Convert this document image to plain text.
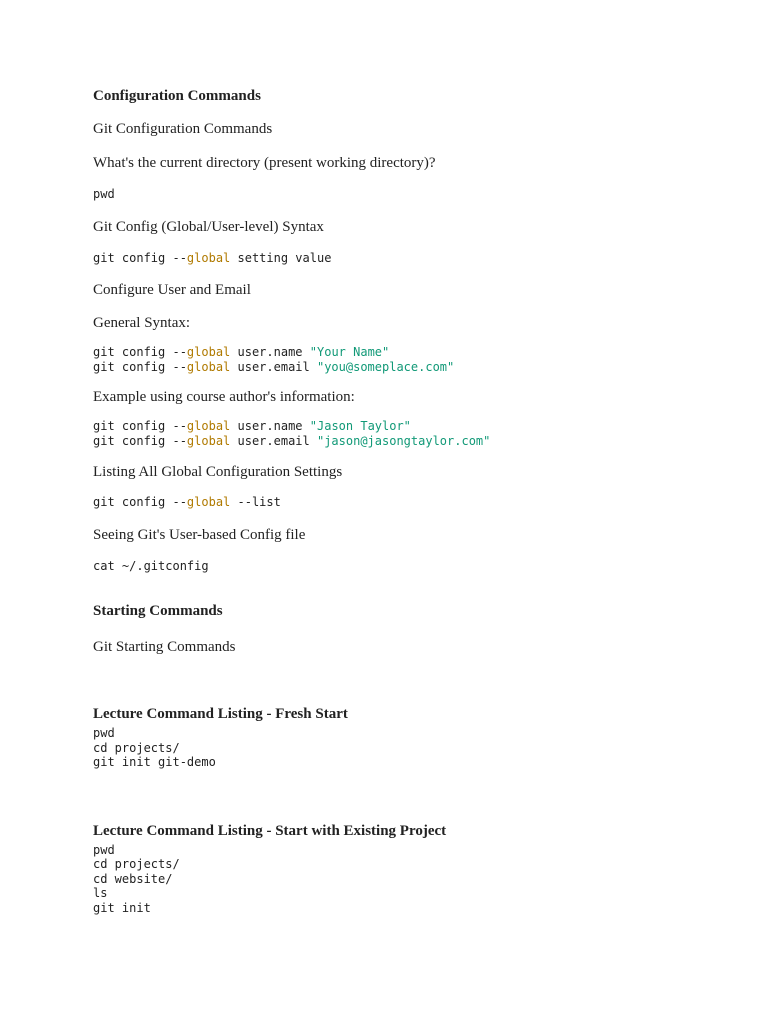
Configuration Commands

Git Configuration Commands

What's the current directory (present working directory)?

pwd

Git Config (Global/User-level) Syntax

git config --global setting value

Configure User and Email

General Syntax:

git config --global user.name "Your Name"

git config --global user.email "you@someplace.com"

Example using course author's information:

git config --global user.name "Jason Taylor"

git config --global user.email "jason@jasongtaylor.com"

Listing All Global Configuration Settings

git config --global --list

Seeing Git's User-based Config file

cat ~/.gitconfig

Starting Commands

Git Starting Commands

Lecture Command Listing - Fresh Start

pwd

cd projects/

git init git-demo

Lecture Command Listing - Start with Existing Project

pwd

cd projects/

cd website/

ls

git init
